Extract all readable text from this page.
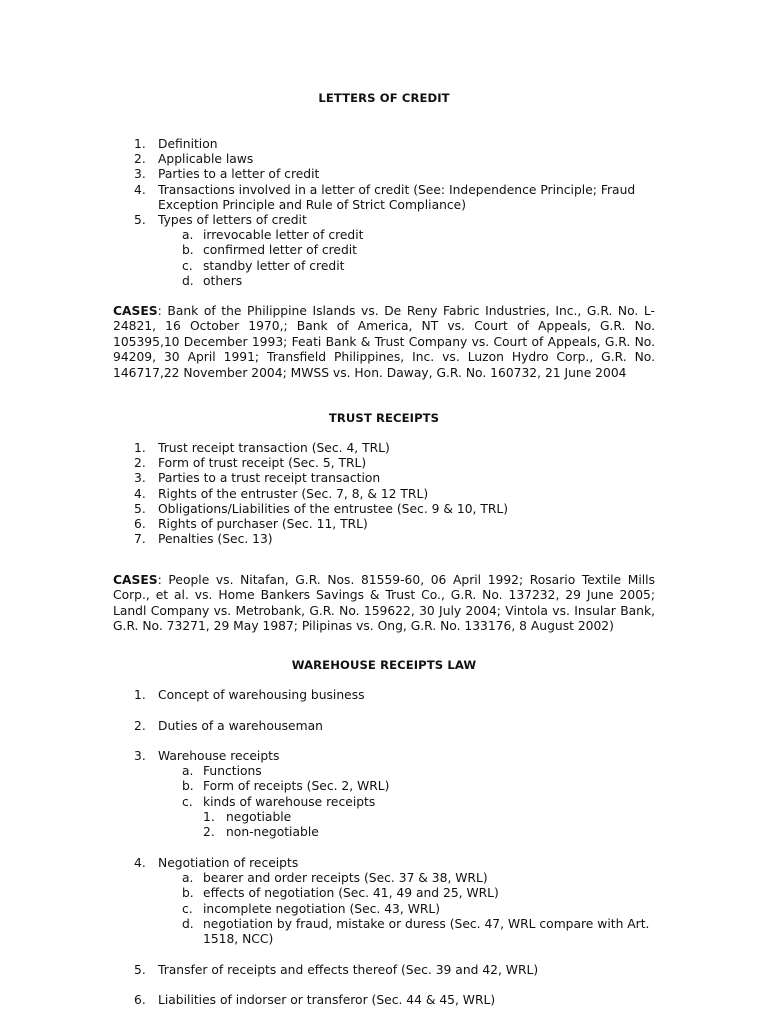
LETTERS OF CREDIT

1. Definition
2. Applicable laws
3. Parties to a letter of credit
4. Transactions involved in a letter of credit (See: Independence Principle; Fraud Exception Principle and Rule of Strict Compliance)
5. Types of letters of credit
a. irrevocable letter of credit
b. confirmed letter of credit
c. standby letter of credit
d. others

CASES: Bank of the Philippine Islands vs. De Reny Fabric Industries, Inc., G.R. No. L-24821, 16 October 1970,; Bank of America, NT vs. Court of Appeals, G.R. No. 105395,10 December 1993; Feati Bank & Trust Company vs. Court of Appeals, G.R. No. 94209, 30 April 1991; Transfield Philippines, Inc. vs. Luzon Hydro Corp., G.R. No. 146717,22 November 2004; MWSS vs. Hon. Daway, G.R. No. 160732, 21 June 2004

TRUST RECEIPTS

1. Trust receipt transaction (Sec. 4, TRL)
2. Form of trust receipt (Sec. 5, TRL)
3. Parties to a trust receipt transaction
4. Rights of the entruster (Sec. 7, 8, & 12 TRL)
5. Obligations/Liabilities of the entrustee (Sec. 9 & 10, TRL)
6. Rights of purchaser (Sec. 11, TRL)
7. Penalties (Sec. 13)

CASES: People vs. Nitafan, G.R. Nos. 81559-60, 06 April 1992; Rosario Textile Mills Corp., et al. vs. Home Bankers Savings & Trust Co., G.R. No. 137232, 29 June 2005; Landl Company vs. Metrobank, G.R. No. 159622, 30 July 2004; Vintola vs. Insular Bank, G.R. No. 73271, 29 May 1987; Pilipinas vs. Ong, G.R. No. 133176, 8 August 2002)

WAREHOUSE RECEIPTS LAW

1. Concept of warehousing business
2. Duties of a warehouseman
3. Warehouse receipts
a. Functions
b. Form of receipts (Sec. 2, WRL)
c. kinds of warehouse receipts
1. negotiable
2. non-negotiable
4. Negotiation of receipts
a. bearer and order receipts (Sec. 37 & 38, WRL)
b. effects of negotiation (Sec. 41, 49 and 25, WRL)
c. incomplete negotiation (Sec. 43, WRL)
d. negotiation by fraud, mistake or duress (Sec. 47, WRL compare with Art. 1518, NCC)
5. Transfer of receipts and effects thereof (Sec. 39 and 42, WRL)
6. Liabilities of indorser or transferor (Sec. 44 & 45, WRL)
